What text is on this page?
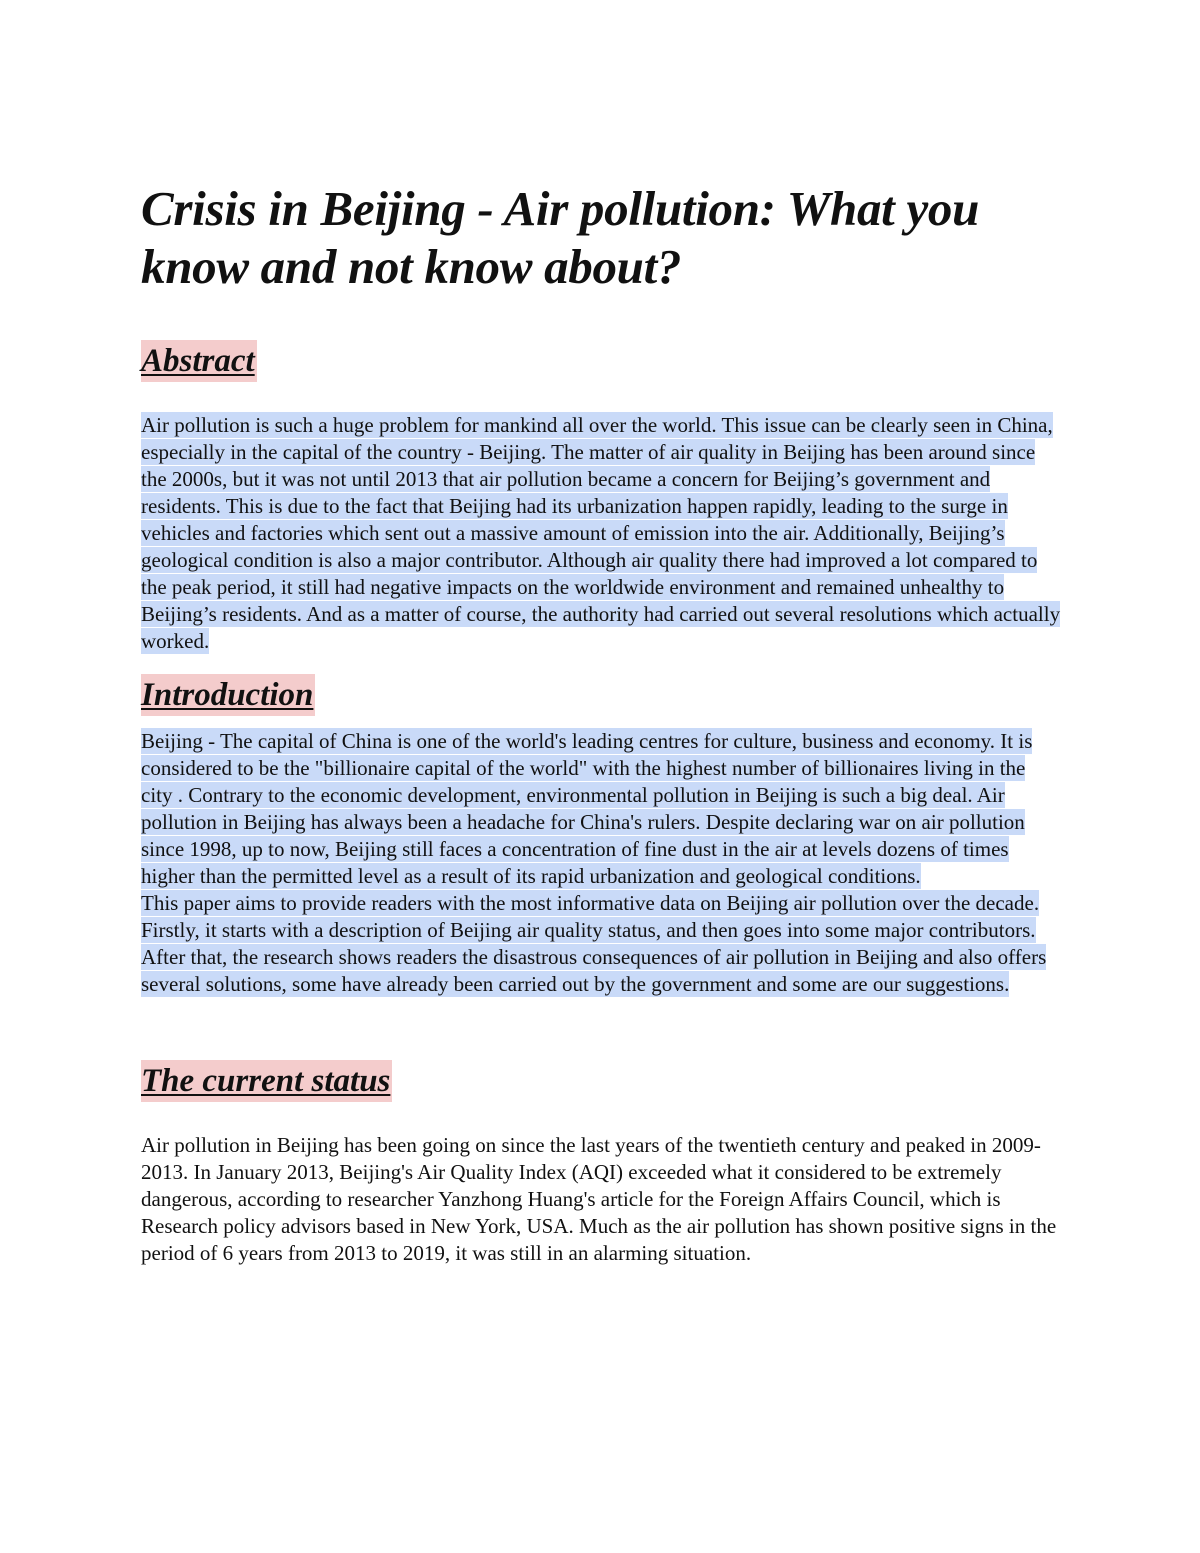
Crisis in Beijing - Air pollution: What you know and not know about?
Abstract

Air pollution is such a huge problem for mankind all over the world. This issue can be clearly seen in China, especially in the capital of the country - Beijing. The matter of air quality in Beijing has been around since the 2000s, but it was not until 2013 that air pollution became a concern for Beijing’s government and residents. This is due to the fact that Beijing had its urbanization happen rapidly, leading to the surge in vehicles and factories which sent out a massive amount of emission into the air. Additionally, Beijing’s geological condition is also a major contributor. Although air quality there had improved a lot compared to the peak period, it still had negative impacts on the worldwide environment and remained unhealthy to Beijing’s residents. And as a matter of course, the authority had carried out several resolutions which actually worked.

Introduction

Beijing - The capital of China is one of the world's leading centres for culture, business and economy. It is considered to be the "billionaire capital of the world" with the highest number of billionaires living in the city . Contrary to the economic development, environmental pollution in Beijing is such a big deal. Air pollution in Beijing has always been a headache for China's rulers. Despite declaring war on air pollution since 1998, up to now, Beijing still faces a concentration of fine dust in the air at levels dozens of times higher than the permitted level as a result of its rapid urbanization and geological conditions.

This paper aims to provide readers with the most informative data on Beijing air pollution over the decade. Firstly, it starts with a description of Beijing air quality status, and then goes into some major contributors. After that, the research shows readers the disastrous consequences of air pollution in Beijing and also offers several solutions, some have already been carried out by the government and some are our suggestions.

The current status

Air pollution in Beijing has been going on since the last years of the twentieth century and peaked in 2009-2013. In January 2013, Beijing's Air Quality Index (AQI) exceeded what it considered to be extremely dangerous, according to researcher Yanzhong Huang's article for the Foreign Affairs Council, which is Research policy advisors based in New York, USA. Much as the air pollution has shown positive signs in the period of 6 years from 2013 to 2019, it was still in an alarming situation.
